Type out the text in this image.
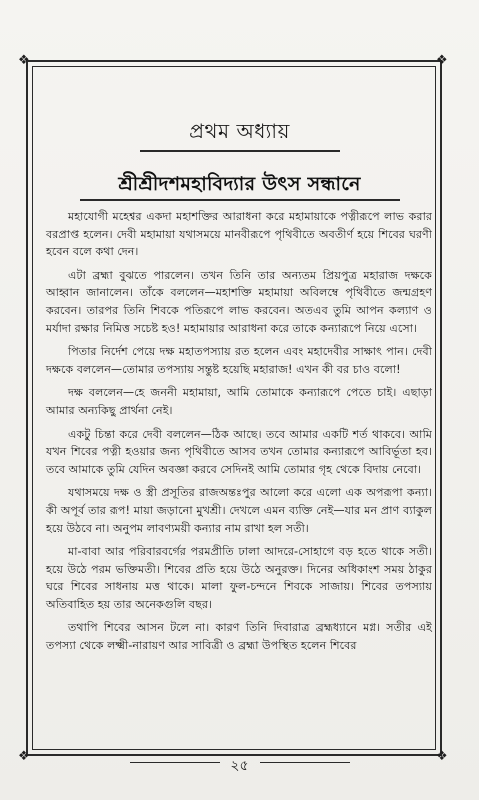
❖	❖
❖	❖
প্রথম অধ্যায়
শ্রীশ্রীদশমহাবিদ্যার উৎস সন্ধানে

মহাযোগী মহেশ্বর একদা মহাশক্তির আরাধনা করে মহামায়াকে পত্নীরূপে লাভ করার বরপ্রাপ্ত হলেন। দেবী মহামায়া যথাসময়ে মানবীরূপে পৃথিবীতে অবতীর্ণ হয়ে শিবের ঘরণী হবেন বলে কথা দেন।

এটা ব্রহ্মা বুঝতে পারলেন। তখন তিনি তার অন্যতম প্রিয়পুত্র মহারাজ দক্ষকে আহ্বান জানালেন। তাঁকে বললেন—মহাশক্তি মহামায়া অবিলম্বে পৃথিবীতে জন্মগ্রহণ করবেন। তারপর তিনি শিবকে পতিরূপে লাভ করবেন। অতএব তুমি আপন কল্যাণ ও মর্যাদা রক্ষার নিমিত্ত সচেষ্ট হও! মহামায়ার আরাধনা করে তাকে কন্যারূপে নিয়ে এসো।

পিতার নির্দেশ পেয়ে দক্ষ মহাতপস্যায় রত হলেন এবং মহাদেবীর সাক্ষাৎ পান। দেবী দক্ষকে বললেন—তোমার তপস্যায় সন্তুষ্ট হয়েছি মহারাজ! এখন কী বর চাও বলো!

দক্ষ বললেন—হে জননী মহামায়া, আমি তোমাকে কন্যারূপে পেতে চাই। এছাড়া আমার অন্যকিছু প্রার্থনা নেই।

একটু চিন্তা করে দেবী বললেন—ঠিক আছে। তবে আমার একটি শর্ত থাকবে। আমি যখন শিবের পত্নী হওয়ার জন্য পৃথিবীতে আসব তখন তোমার কন্যারূপে আবির্ভূতা হব। তবে আমাকে তুমি যেদিন অবজ্ঞা করবে সেদিনই আমি তোমার গৃহ থেকে বিদায় নেবো।

যথাসময়ে দক্ষ ও স্ত্রী প্রসূতির রাজঅন্তঃপুর আলো করে এলো এক অপরূপা কন্যা। কী অপূর্ব তার রূপ! মায়া জড়ানো মুখশ্রী। দেখলে এমন ব্যক্তি নেই—যার মন প্রাণ ব্যাকুল হয়ে উঠবে না। অনুপম লাবণ্যময়ী কন্যার নাম রাখা হল সতী।

মা-বাবা আর পরিবারবর্গের পরমপ্রীতি ঢালা আদরে-সোহাগে বড় হতে থাকে সতী। হয়ে উঠে পরম ভক্তিমতী। শিবের প্রতি হয়ে উঠে অনুরক্ত। দিনের অধিকাংশ সময় ঠাকুর ঘরে শিবের সাধনায় মত্ত থাকে। মালা ফুল-চন্দনে শিবকে সাজায়। শিবের তপস্যায় অতিবাহিত হয় তার অনেকগুলি বছর।

তথাপি শিবের আসন টলে না। কারণ তিনি দিবারাত্র ব্রহ্মধ্যানে মগ্ন। সতীর এই তপস্যা থেকে লক্ষ্মী-নারায়ণ আর সাবিত্রী ও ব্রহ্মা উপস্থিত হলেন শিবের

২৫
